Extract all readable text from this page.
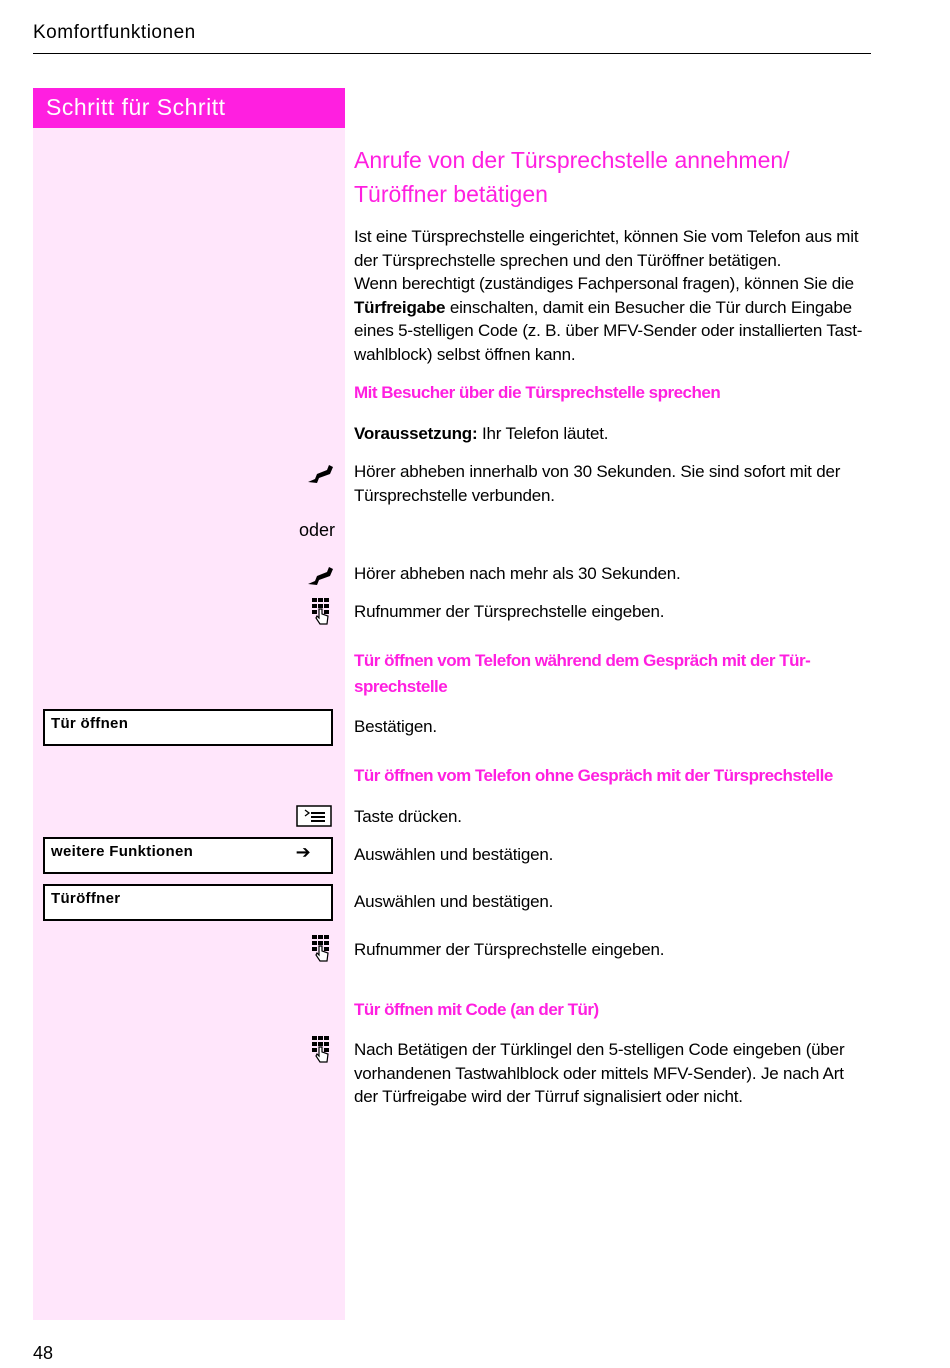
Komfortfunktionen
Schritt für Schritt
Anrufe von der Türsprechstelle annehmen/
Türöffner betätigen
Ist eine Türsprechstelle eingerichtet, können Sie vom Telefon aus mit
der Türsprechstelle sprechen und den Türöffner betätigen.
Wenn berechtigt (zuständiges Fachpersonal fragen), können Sie die
Türfreigabe einschalten, damit ein Besucher die Tür durch Eingabe
eines 5-stelligen Code (z. B. über MFV-Sender oder installierten Tast-
wahlblock) selbst öffnen kann.
Mit Besucher über die Türsprechstelle sprechen
Voraussetzung: Ihr Telefon läutet.
Hörer abheben innerhalb von 30 Sekunden. Sie sind sofort mit der
Türsprechstelle verbunden.
oder
Hörer abheben nach mehr als 30 Sekunden.
Rufnummer der Türsprechstelle eingeben.
Tür öffnen vom Telefon während dem Gespräch mit der Tür-
sprechstelle
Tür öffnen	Bestätigen.
Tür öffnen vom Telefon ohne Gespräch mit der Türsprechstelle
Taste drücken.
weitere Funktionen	➔	Auswählen und bestätigen.
Türöffner	Auswählen und bestätigen.
Rufnummer der Türsprechstelle eingeben.
Tür öffnen mit Code (an der Tür)
Nach Betätigen der Türklingel den 5-stelligen Code eingeben (über
vorhandenen Tastwahlblock oder mittels MFV-Sender). Je nach Art
der Türfreigabe wird der Türruf signalisiert oder nicht.
48
